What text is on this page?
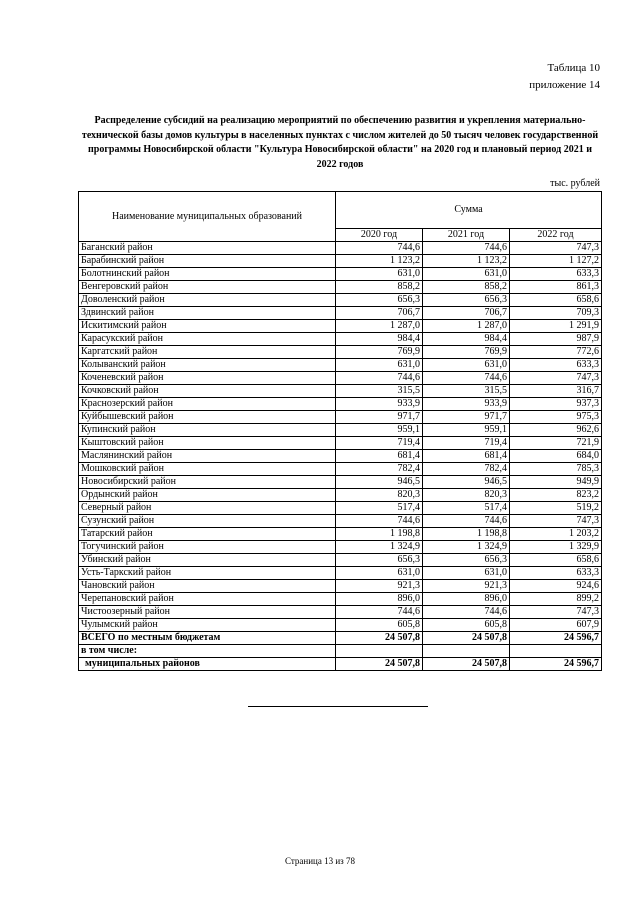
Таблица 10
приложение 14
Распределение субсидий на реализацию мероприятий по обеспечению развития и укрепления материально-технической базы домов культуры в населенных пунктах с числом жителей до 50 тысяч человек государственной программы Новосибирской области "Культура Новосибирской области" на 2020 год и плановый период 2021 и 2022 годов
тыс. рублей
Наименование муниципальных образований	Сумма		
	2020 год	2021 год	2022 год
Баганский район	744,6	744,6	747,3
Барабинский район	1 123,2	1 123,2	1 127,2
Болотнинский район	631,0	631,0	633,3
Венгеровский район	858,2	858,2	861,3
Доволенский район	656,3	656,3	658,6
Здвинский район	706,7	706,7	709,3
Искитимский район	1 287,0	1 287,0	1 291,9
Карасукский район	984,4	984,4	987,9
Каргатский район	769,9	769,9	772,6
Колыванский район	631,0	631,0	633,3
Коченевский район	744,6	744,6	747,3
Кочковский район	315,5	315,5	316,7
Краснозерский район	933,9	933,9	937,3
Куйбышевский район	971,7	971,7	975,3
Купинский район	959,1	959,1	962,6
Кыштовский район	719,4	719,4	721,9
Маслянинский район	681,4	681,4	684,0
Мошковский район	782,4	782,4	785,3
Новосибирский район	946,5	946,5	949,9
Ордынский район	820,3	820,3	823,2
Северный район	517,4	517,4	519,2
Сузунский район	744,6	744,6	747,3
Татарский район	1 198,8	1 198,8	1 203,2
Тогучинский район	1 324,9	1 324,9	1 329,9
Убинский район	656,3	656,3	658,6
Усть-Таркский район	631,0	631,0	633,3
Чановский район	921,3	921,3	924,6
Черепановский район	896,0	896,0	899,2
Чистоозерный район	744,6	744,6	747,3
Чулымский район	605,8	605,8	607,9
ВСЕГО по местным бюджетам	24 507,8	24 507,8	24 596,7
в том числе:			
муниципальных районов	24 507,8	24 507,8	24 596,7
Страница 13 из 78
